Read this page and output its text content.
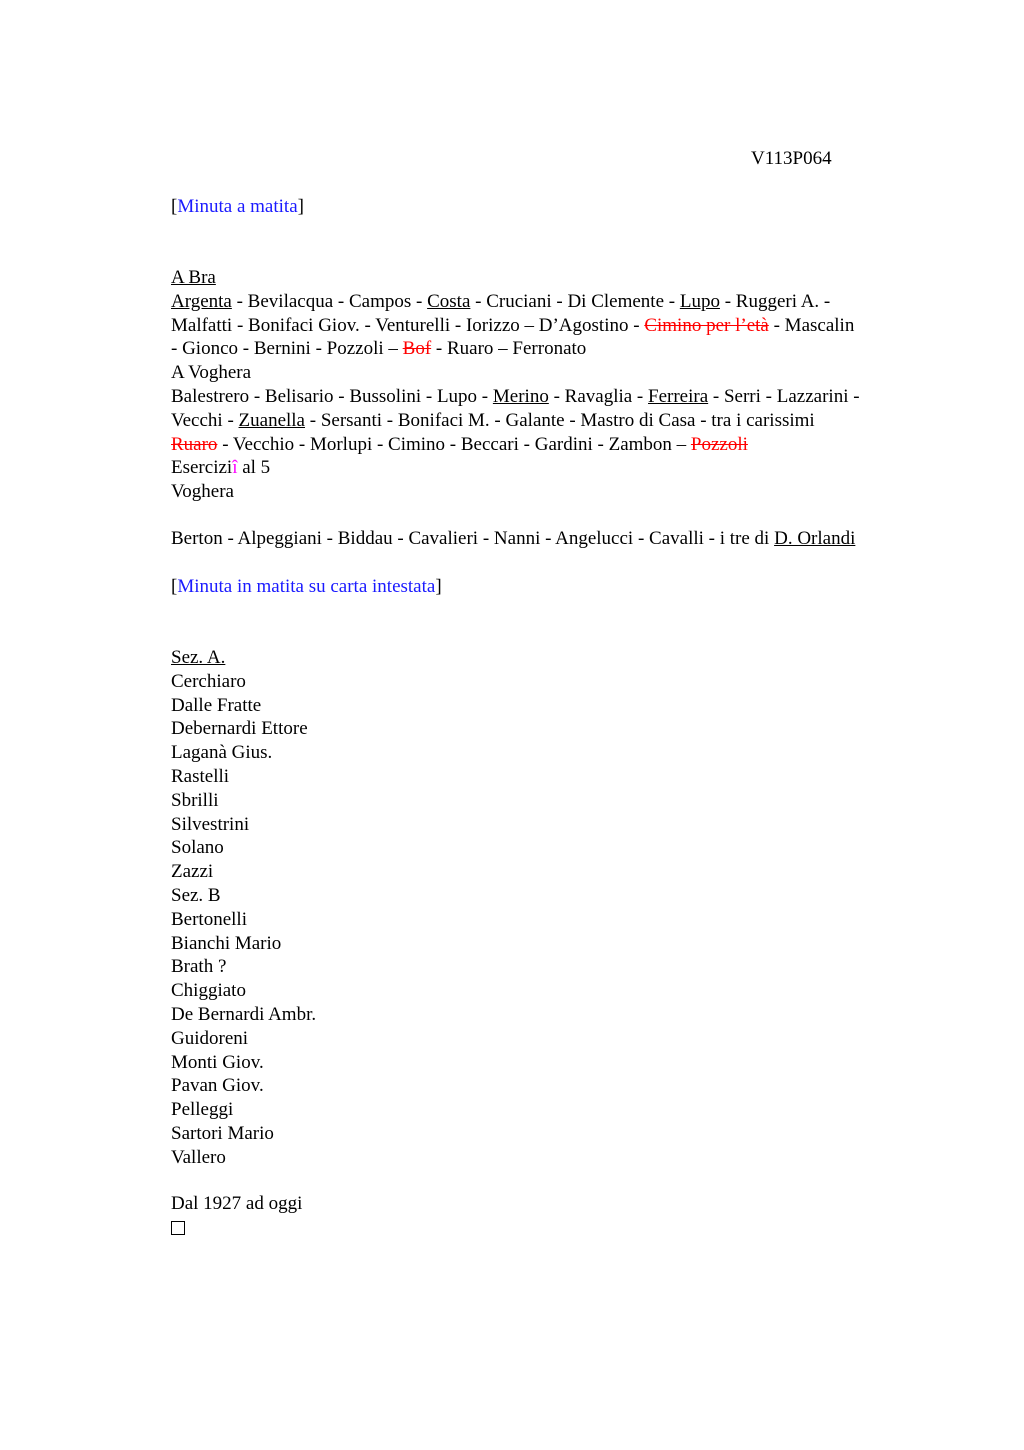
V113P064
[Minuta a matita]
A Bra
Argenta - Bevilacqua - Campos - Costa - Cruciani - Di Clemente - Lupo - Ruggeri A. -
Malfatti - Bonifaci Giov. - Venturelli - Iorizzo – D’Agostino - Cimino per l’età - Mascalin
- Gionco - Bernini - Pozzoli – Bof - Ruaro – Ferronato
A Voghera
Balestrero - Belisario - Bussolini - Lupo - Merino - Ravaglia - Ferreira - Serri - Lazzarini -
Vecchi - Zuanella - Sersanti - Bonifaci M. - Galante - Mastro di Casa - tra i carissimi
Ruaro - Vecchio - Morlupi - Cimino - Beccari - Gardini - Zambon – Pozzoli
Eserciziî al 5
Voghera
Berton - Alpeggiani - Biddau - Cavalieri - Nanni - Angelucci - Cavalli - i tre di D. Orlandi
[Minuta in matita su carta intestata]
Sez. A.
Cerchiaro
Dalle Fratte
Debernardi Ettore
Laganà Gius.
Rastelli
Sbrilli
Silvestrini
Solano
Zazzi
Sez. B
Bertonelli
Bianchi Mario
Brath ?
Chiggiato
De Bernardi Ambr.
Guidoreni
Monti Giov.
Pavan Giov.
Pelleggi
Sartori Mario
Vallero
Dal 1927 ad oggi
